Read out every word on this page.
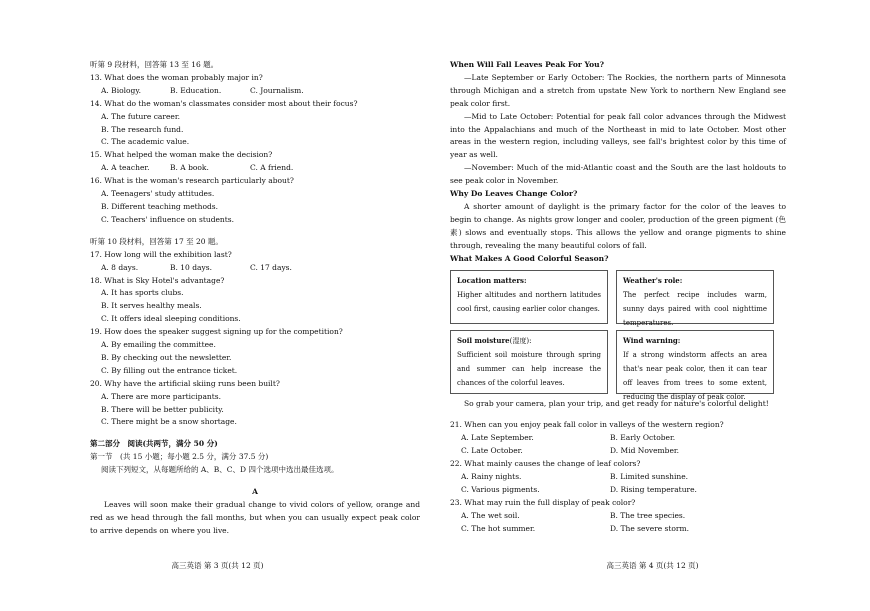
听第 9 段材料，回答第 13 至 16 题。
13. What does the woman probably major in?
A. Biology.	B. Education.	C. Journalism.
14. What do the woman's classmates consider most about their focus?
A. The future career.
B. The research fund.
C. The academic value.
15. What helped the woman make the decision?
A. A teacher.	B. A book.	C. A friend.
16. What is the woman's research particularly about?
A. Teenagers' study attitudes.
B. Different teaching methods.
C. Teachers' influence on students.
听第 10 段材料，回答第 17 至 20 题。
17. How long will the exhibition last?
A. 8 days.	B. 10 days.	C. 17 days.
18. What is Sky Hotel's advantage?
A. It has sports clubs.
B. It serves healthy meals.
C. It offers ideal sleeping conditions.
19. How does the speaker suggest signing up for the competition?
A. By emailing the committee.
B. By checking out the newsletter.
C. By filling out the entrance ticket.
20. Why have the artificial skiing runs been built?
A. There are more participants.
B. There will be better publicity.
C. There might be a snow shortage.
第二部分　阅读(共两节，满分 50 分)
第一节　(共 15 小题；每小题 2.5 分，满分 37.5 分)
阅读下列短文，从每题所给的 A、B、C、D 四个选项中选出最佳选项。
A
Leaves will soon make their gradual change to vivid colors of yellow, orange and red as we head through the fall months, but when you can usually expect peak color to arrive depends on where you live.
高三英语 第 3 页(共 12 页)
When Will Fall Leaves Peak For You?
—Late September or Early October: The Rockies, the northern parts of Minnesota through Michigan and a stretch from upstate New York to northern New England see peak color first.
—Mid to Late October: Potential for peak fall color advances through the Midwest into the Appalachians and much of the Northeast in mid to late October. Most other areas in the western region, including valleys, see fall's brightest color by this time of year as well.
—November: Much of the mid-Atlantic coast and the South are the last holdouts to see peak color in November.
Why Do Leaves Change Color?
A shorter amount of daylight is the primary factor for the color of the leaves to begin to change. As nights grow longer and cooler, production of the green pigment (色素) slows and eventually stops. This allows the yellow and orange pigments to shine through, revealing the many beautiful colors of fall.
What Makes A Good Colorful Season?
Location matters:
Higher altitudes and northern latitudes cool first, causing earlier color changes.
Weather's role:
The perfect recipe includes warm, sunny days paired with cool nighttime temperatures.
Soil moisture(湿度):
Sufficient soil moisture through spring and summer can help increase the chances of the colorful leaves.
Wind warning:
If a strong windstorm affects an area that's near peak color, then it can tear off leaves from trees to some extent, reducing the display of peak color.
So grab your camera, plan your trip, and get ready for nature's colorful delight!
21. When can you enjoy peak fall color in valleys of the western region?
A. Late September.	B. Early October.
C. Late October.	D. Mid November.
22. What mainly causes the change of leaf colors?
A. Rainy nights.	B. Limited sunshine.
C. Various pigments.	D. Rising temperature.
23. What may ruin the full display of peak color?
A. The wet soil.	B. The tree species.
C. The hot summer.	D. The severe storm.
高三英语 第 4 页(共 12 页)
